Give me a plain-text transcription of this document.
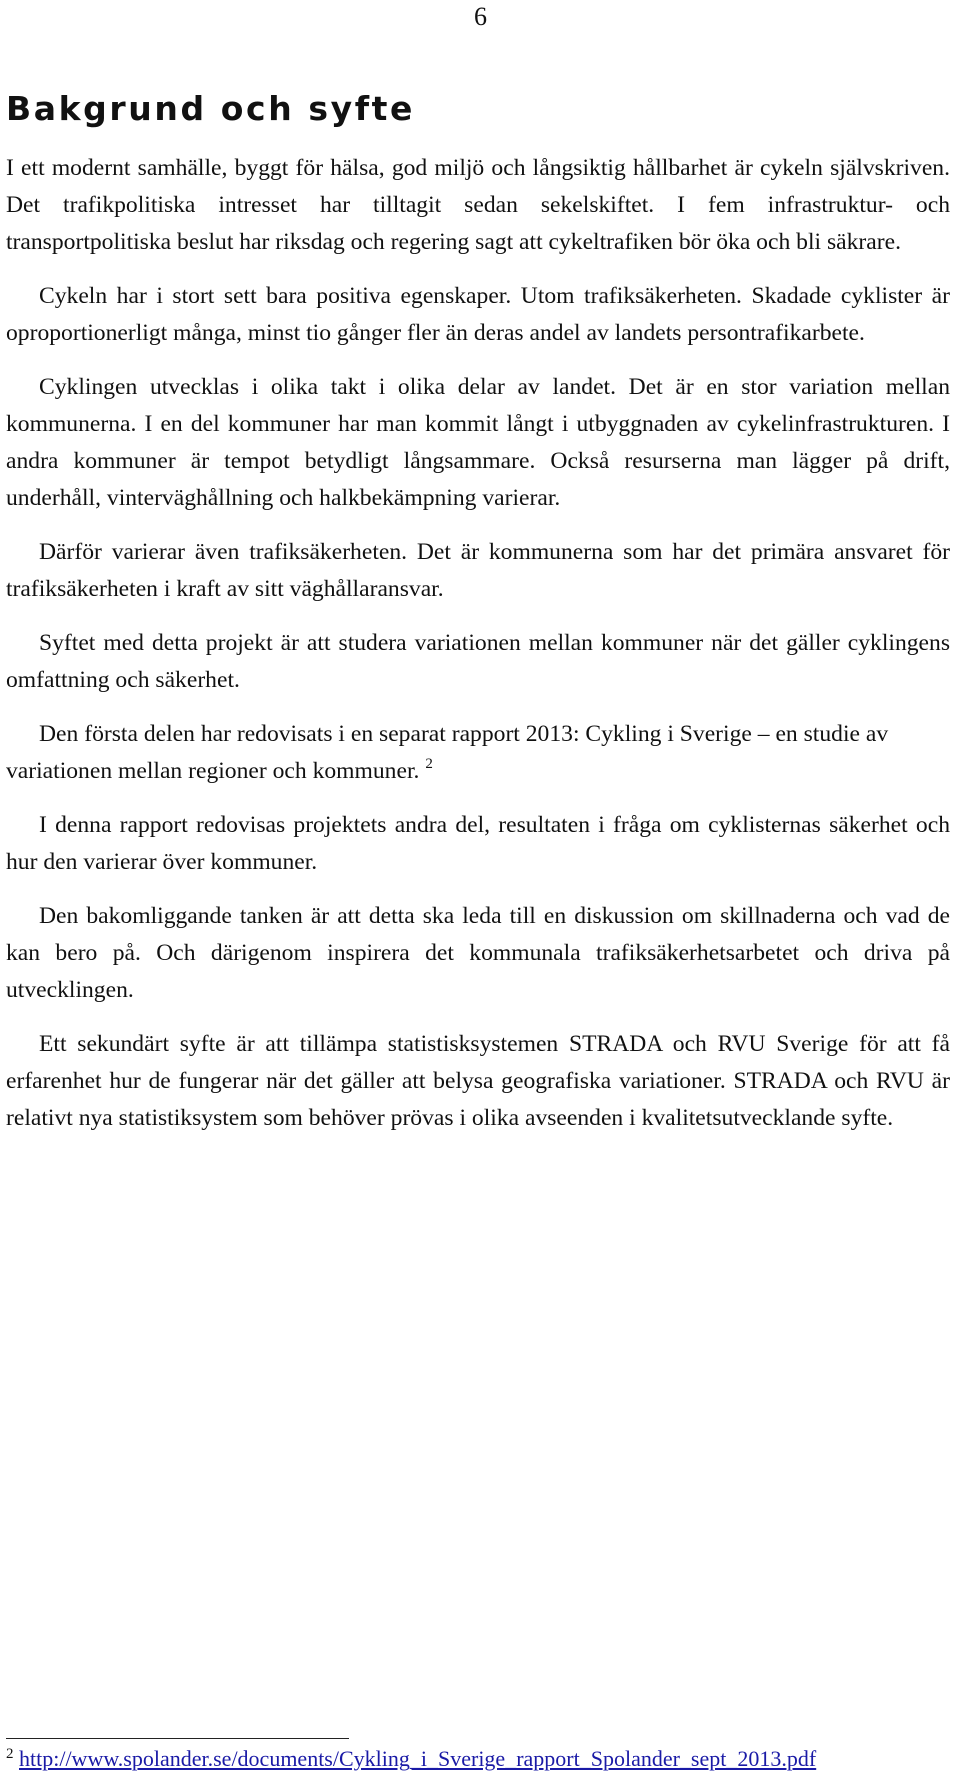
6
Bakgrund och syfte

I ett modernt samhälle, byggt för hälsa, god miljö och långsiktig hållbarhet är cykeln självskriven. Det trafikpolitiska intresset har tilltagit sedan sekelskiftet. I fem infrastruktur- och transportpolitiska beslut har riksdag och regering sagt att cykeltrafiken bör öka och bli säkrare.

Cykeln har i stort sett bara positiva egenskaper. Utom trafiksäkerheten. Skadade cyklister är oproportionerligt många, minst tio gånger fler än deras andel av landets persontrafikarbete.

Cyklingen utvecklas i olika takt i olika delar av landet. Det är en stor variation mellan kommunerna. I en del kommuner har man kommit långt i utbyggnaden av cykelinfrastrukturen. I andra kommuner är tempot betydligt långsammare. Också resurserna man lägger på drift, underhåll, vinterväghållning och halkbekämpning varierar.

Därför varierar även trafiksäkerheten. Det är kommunerna som har det primära ansvaret för trafiksäkerheten i kraft av sitt väghållaransvar.

Syftet med detta projekt är att studera variationen mellan kommuner när det gäller cyklingens omfattning och säkerhet.

Den första delen har redovisats i en separat rapport 2013: Cykling i Sverige – en studie av variationen mellan regioner och kommuner. $^2$

I denna rapport redovisas projektets andra del, resultaten i fråga om cyklisternas säkerhet och hur den varierar över kommuner.

Den bakomliggande tanken är att detta ska leda till en diskussion om skillnaderna och vad de kan bero på. Och därigenom inspirera det kommunala trafiksäkerhetsarbetet och driva på utvecklingen.

Ett sekundärt syfte är att tillämpa statistisksystemen STRADA och RVU Sverige för att få erfarenhet hur de fungerar när det gäller att belysa geografiska variationer. STRADA och RVU är relativt nya statistiksystem som behöver prövas i olika avseenden i kvalitetsutvecklande syfte.

$^2$ http://www.spolander.se/documents/Cykling_i_Sverige_rapport_Spolander_sept_2013.pdf
